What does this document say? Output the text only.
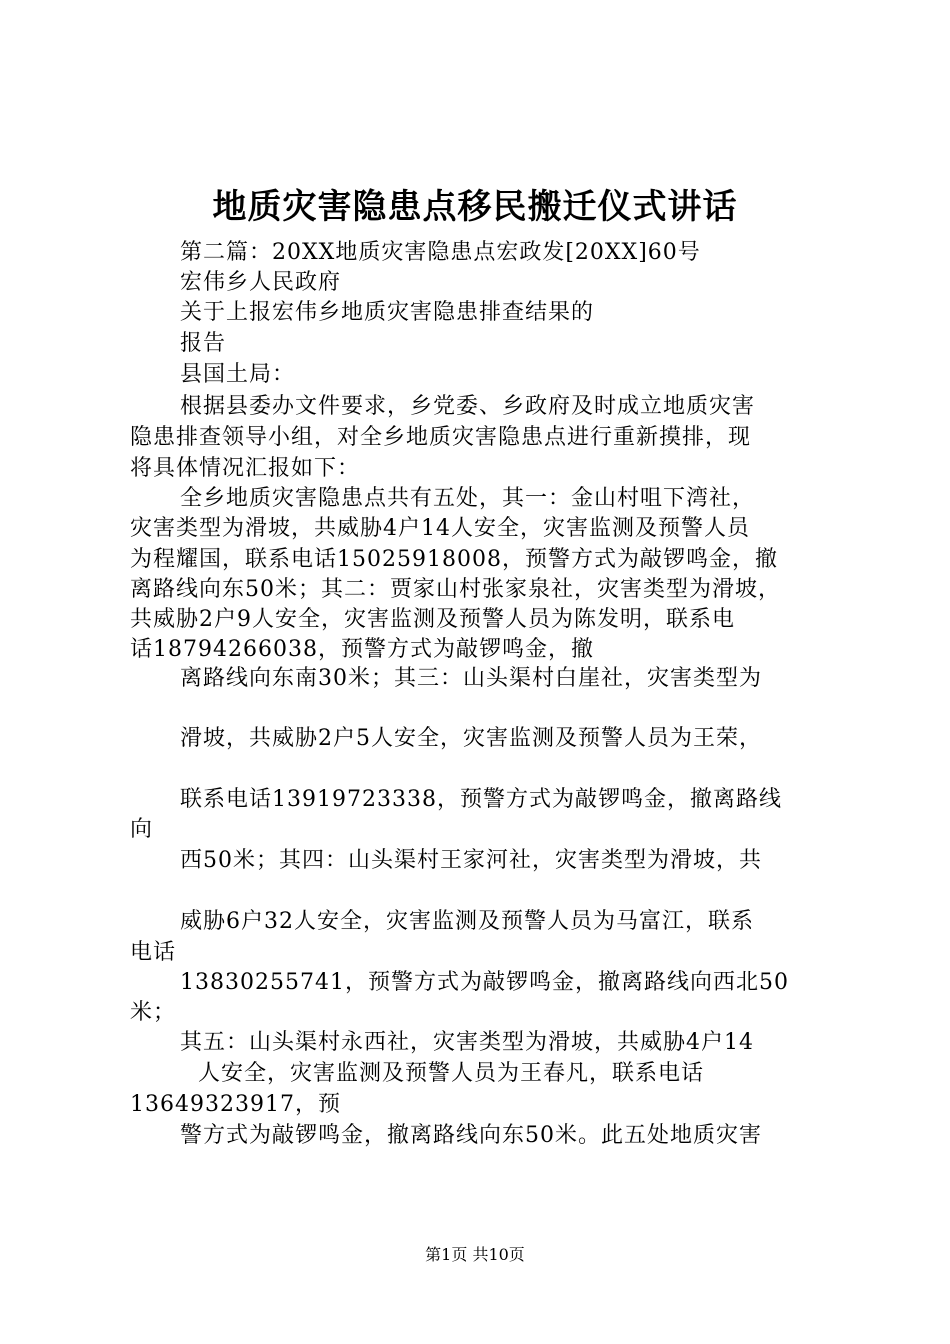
地质灾害隐患点移民搬迁仪式讲话
第二篇：20XX地质灾害隐患点宏政发[20XX]60号
宏伟乡人民政府
关于上报宏伟乡地质灾害隐患排查结果的
报告
县国土局：
根据县委办文件要求，乡党委、乡政府及时成立地质灾害
隐患排查领导小组，对全乡地质灾害隐患点进行重新摸排，现
将具体情况汇报如下：
全乡地质灾害隐患点共有五处，其一：金山村咀下湾社，
灾害类型为滑坡，共威胁4户14人安全，灾害监测及预警人员
为程耀国，联系电话15025918008，预警方式为敲锣鸣金，撤
离路线向东50米；其二：贾家山村张家泉社，灾害类型为滑坡，
共威胁2户9人安全，灾害监测及预警人员为陈发明，联系电
话18794266038，预警方式为敲锣鸣金，撤
离路线向东南30米；其三：山头渠村白崖社，灾害类型为
滑坡，共威胁2户5人安全，灾害监测及预警人员为王荣，
联系电话13919723338，预警方式为敲锣鸣金，撤离路线
向
西50米；其四：山头渠村王家河社，灾害类型为滑坡，共
威胁6户32人安全，灾害监测及预警人员为马富江，联系
电话
13830255741，预警方式为敲锣鸣金，撤离路线向西北50
米；
其五：山头渠村永西社，灾害类型为滑坡，共威胁4户14
人安全，灾害监测及预警人员为王春凡，联系电话
13649323917，预
警方式为敲锣鸣金，撤离路线向东50米。此五处地质灾害
第1页 共10页
